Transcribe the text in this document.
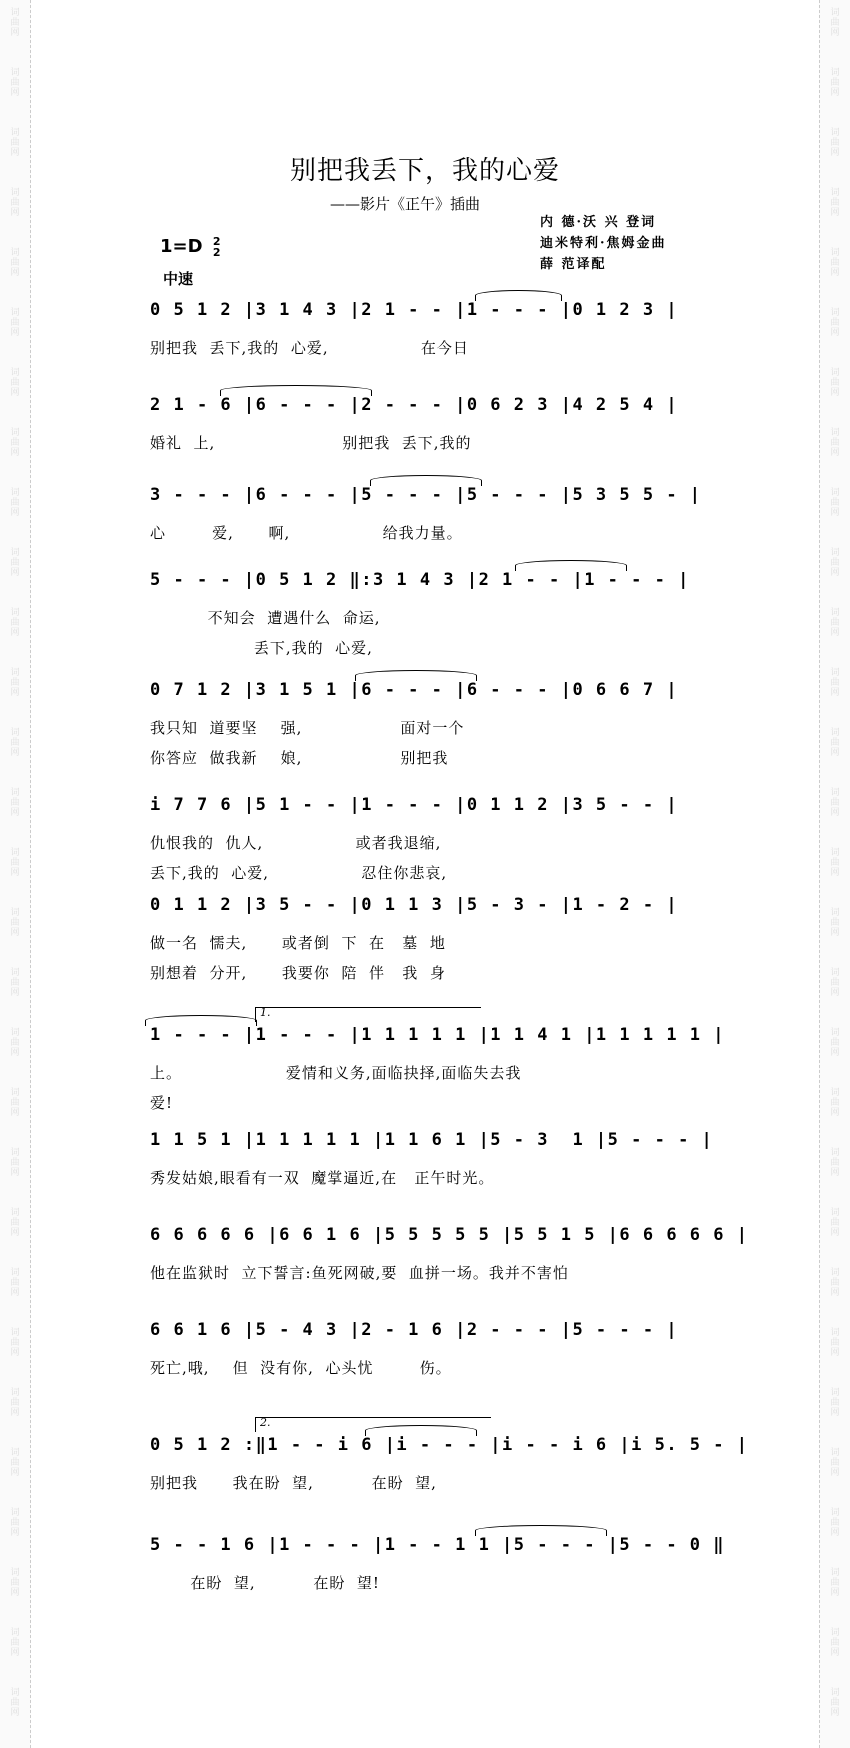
词
曲
网
词
曲
网
词
曲
网
词
曲
网
词
曲
网
词
曲
网
词
曲
网
词
曲
网
词
曲
网
词
曲
网
词
曲
网
词
曲
网
词
曲
网
词
曲
网
词
曲
网
词
曲
网
词
曲
网
词
曲
网
词
曲
网
词
曲
网
词
曲
网
词
曲
网
词
曲
网
词
曲
网
词
曲
网
词
曲
网
词
曲
网
词
曲
网
词
曲
网
词
曲
网
词
曲
网
词
曲
网
词
曲
网
词
曲
网
词
曲
网
词
曲
网
词
曲
网
词
曲
网
词
曲
网
词
曲
网
词
曲
网
词
曲
网
词
曲
网
词
曲
网
词
曲
网
词
曲
网
词
曲
网
词
曲
网
词
曲
网
词
曲
网
词
曲
网
词
曲
网
词
曲
网
词
曲
网
词
曲
网
词
曲
网
词
曲
网
词
曲
网
别把我丢下，我的心爱
——影片《正午》插曲
1=D 2
2
中速
内 德·沃 兴 登词
迪米特利·焦姆金曲
薛 范译配
0 5 1 2 |3 1 4 3 |2 1 - - |1 - - - |0 1 2 3 |
别把我  丢下,我的  心爱,                在今日
2 1 - 6 |6 - - - |2 - - - |0 6 2 3 |4 2 5 4 |
婚礼  上,                      别把我  丢下,我的
3 - - - |6 - - - |5 - - - |5 - - - |5 3 5 5 - |
心        爱,      啊,                给我力量。
5 - - - |0 5 1 2 ‖:3 1 4 3 |2 1 - - |1 - - - |
不知会  遭遇什么  命运,
丢下,我的  心爱,
0 7 1 2 |3 1 5 1 |6 - - - |6 - - - |0 6 6 7 |
我只知  道要坚    强,                 面对一个
你答应  做我新    娘,                 别把我
i 7 7 6 |5 1 - - |1 - - - |0 1 1 2 |3 5 - - |
仇恨我的  仇人,                或者我退缩,
丢下,我的  心爱,                忍住你悲哀,
0 1 1 2 |3 5 - - |0 1 1 3 |5 - 3 - |1 - 2 - |
做一名  懦夫,      或者倒  下  在   墓  地
别想着  分开,      我要你  陪  伴   我  身
1 - - - |1 - - - |1 1 1 1 1 |1 1 4 1 |1 1 1 1 1 |
1.
上。                  爱情和义务,面临抉择,面临失去我
爱!
1 1 5 1 |1 1 1 1 1 |1 1 6 1 |5 - 3  1 |5 - - - |
秀发姑娘,眼看有一双  魔掌逼近,在   正午时光。
6 6 6 6 6 |6 6 1 6 |5 5 5 5 5 |5 5 1 5 |6 6 6 6 6 |
他在监狱时  立下誓言:鱼死网破,要  血拼一场。我并不害怕
6 6 1 6 |5 - 4 3 |2 - 1 6 |2 - - - |5 - - - |
死亡,哦,    但  没有你,  心头忧        伤。
0 5 1 2 :‖1 - - i 6 |i - - - |i - - i 6 |i 5. 5 - |
2.
别把我      我在盼  望,          在盼  望,
5 - - 1 6 |1 - - - |1 - - 1 1 |5 - - - |5 - - 0 ‖
在盼  望,          在盼  望!
